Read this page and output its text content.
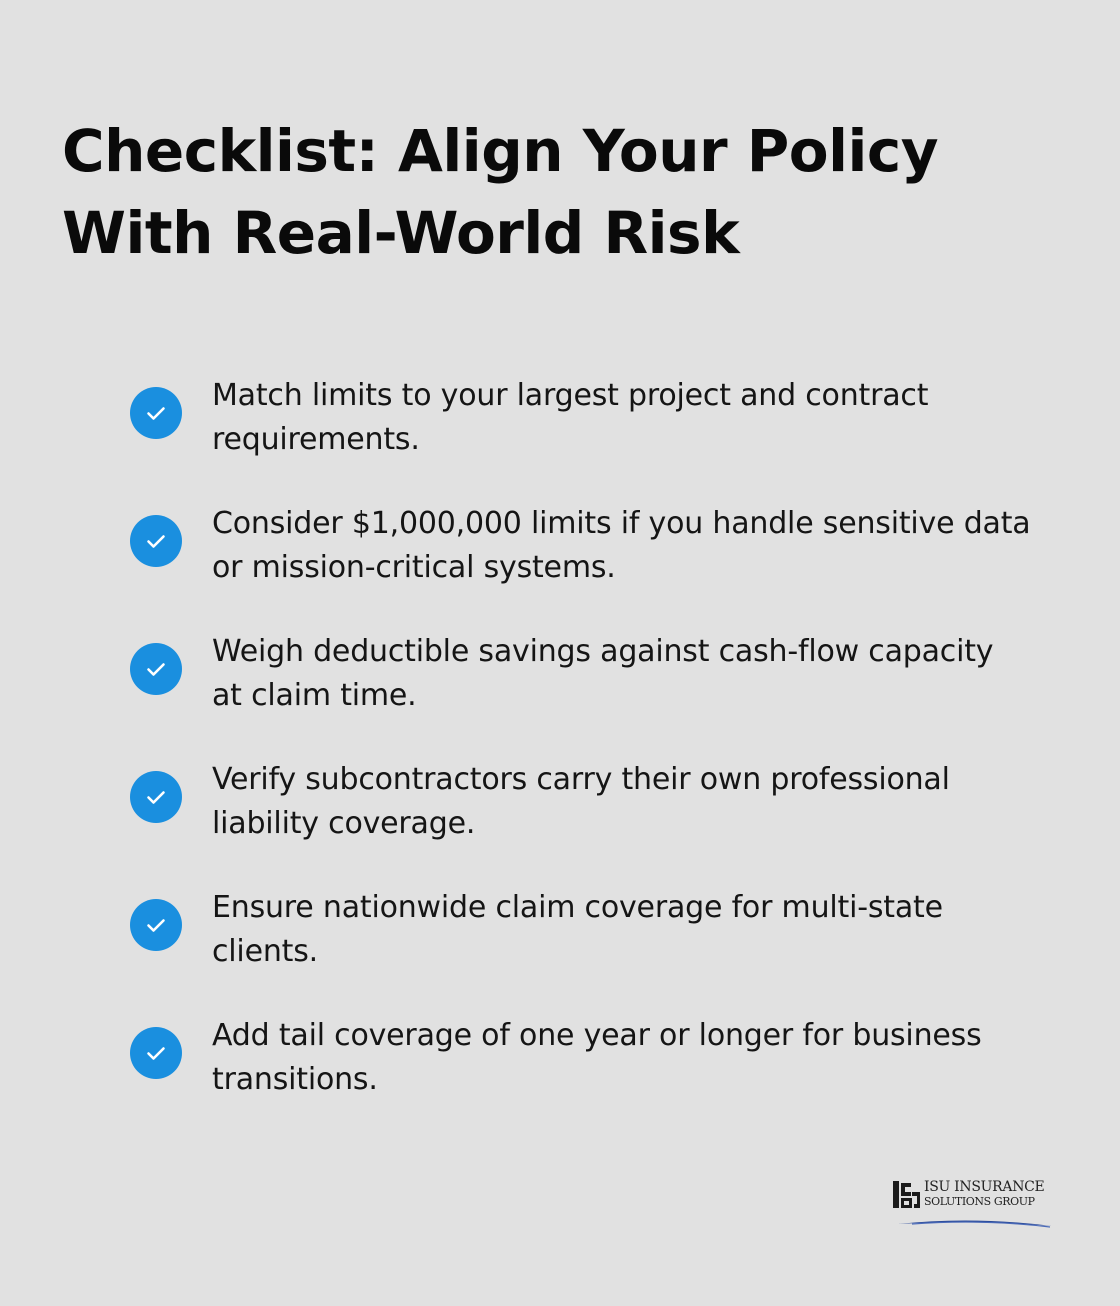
Checklist: Align Your Policy
With Real-World Risk
Match limits to your largest project and contract requirements.
Consider $1,000,000 limits if you handle sensitive data or mission-critical systems.
Weigh deductible savings against cash-flow capacity at claim time.
Verify subcontractors carry their own professional liability coverage.
Ensure nationwide claim coverage for multi-state clients.
Add tail coverage of one year or longer for business transitions.
ISU INSURANCE
SOLUTIONS GROUP
